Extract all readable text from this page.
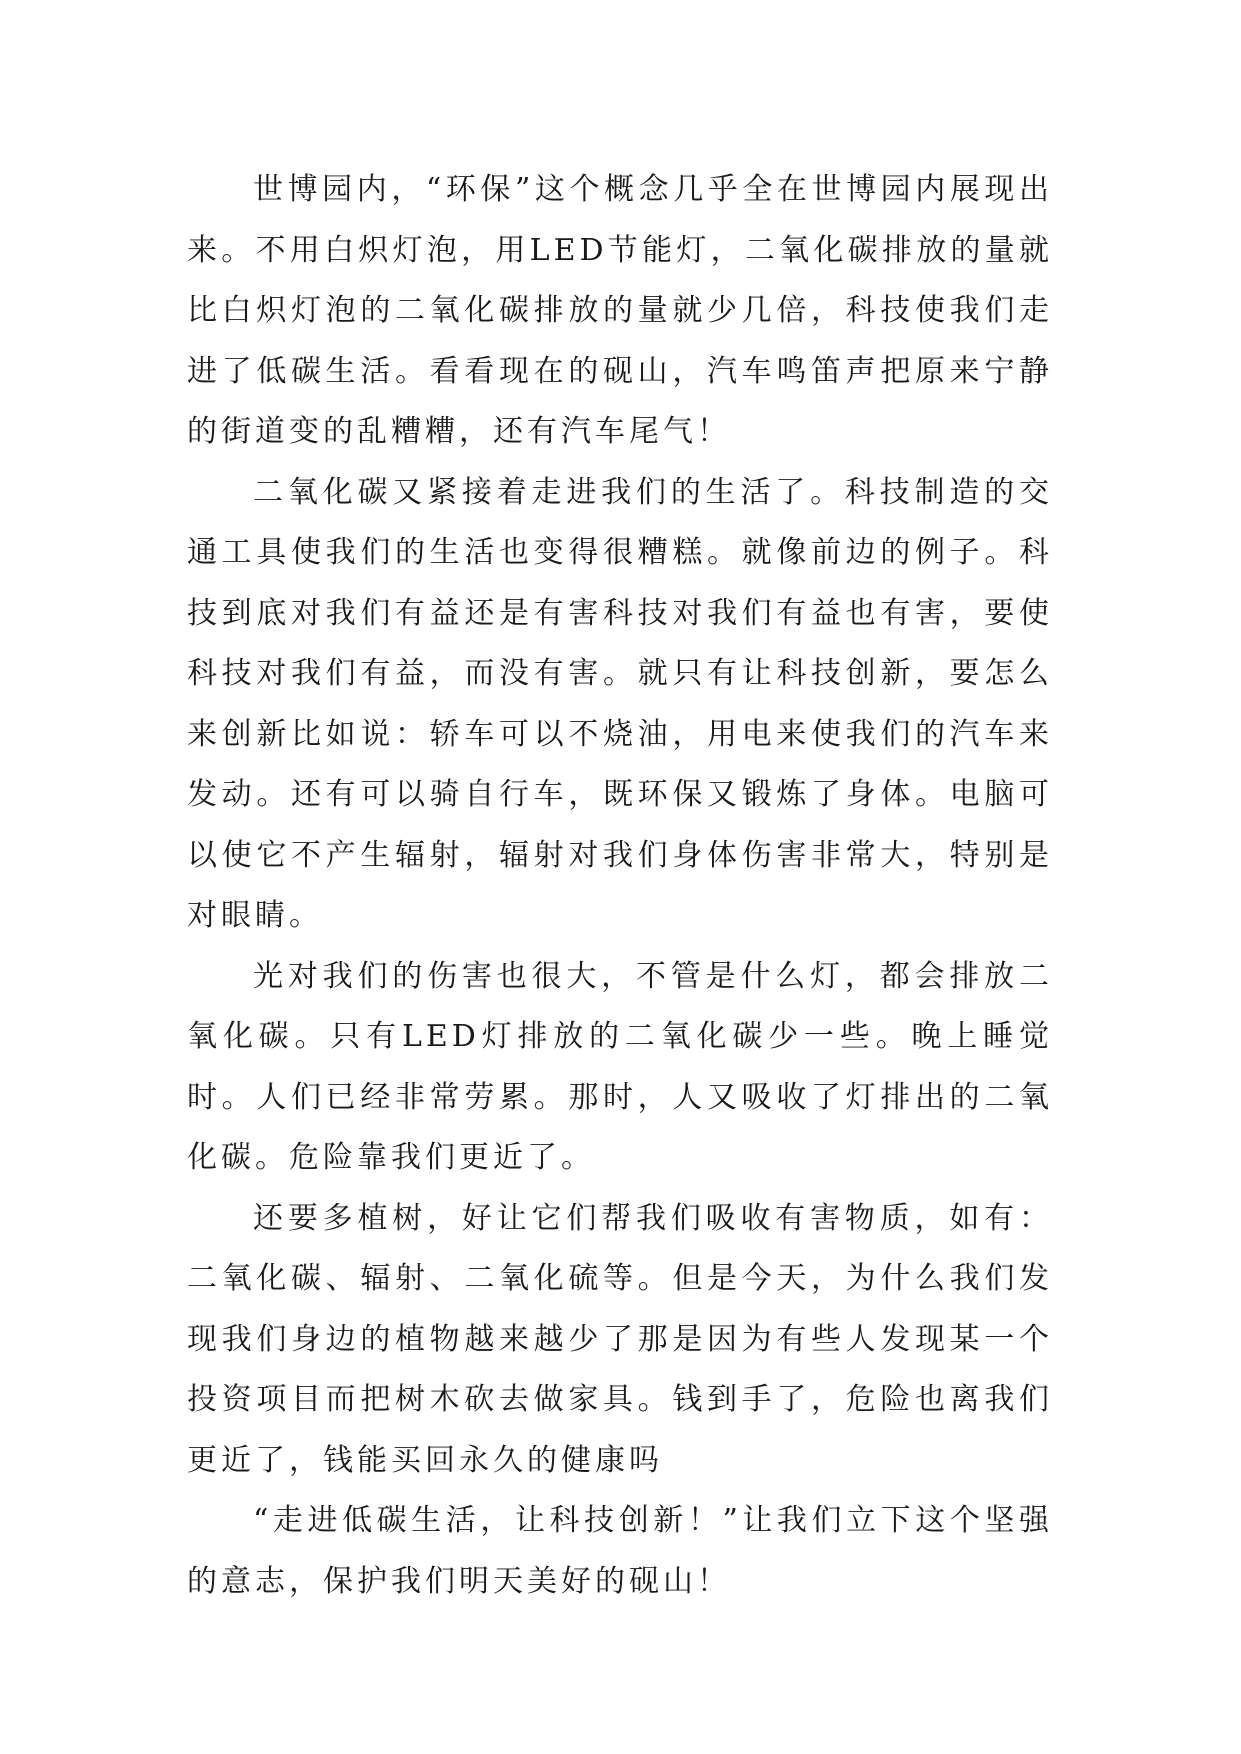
世博园内，“环保”这个概念几乎全在世博园内展现出来。不用白炽灯泡，用LED节能灯，二氧化碳排放的量就比白炽灯泡的二氧化碳排放的量就少几倍，科技使我们走进了低碳生活。看看现在的砚山，汽车鸣笛声把原来宁静的街道变的乱糟糟，还有汽车尾气！

二氧化碳又紧接着走进我们的生活了。科技制造的交通工具使我们的生活也变得很糟糕。就像前边的例子。科技到底对我们有益还是有害科技对我们有益也有害，要使科技对我们有益，而没有害。就只有让科技创新，要怎么来创新比如说：轿车可以不烧油，用电来使我们的汽车来发动。还有可以骑自行车，既环保又锻炼了身体。电脑可以使它不产生辐射，辐射对我们身体伤害非常大，特别是对眼睛。

光对我们的伤害也很大，不管是什么灯，都会排放二氧化碳。只有LED灯排放的二氧化碳少一些。晚上睡觉时。人们已经非常劳累。那时，人又吸收了灯排出的二氧化碳。危险靠我们更近了。

还要多植树，好让它们帮我们吸收有害物质，如有：二氧化碳、辐射、二氧化硫等。但是今天，为什么我们发现我们身边的植物越来越少了那是因为有些人发现某一个投资项目而把树木砍去做家具。钱到手了，危险也离我们更近了，钱能买回永久的健康吗

“走进低碳生活，让科技创新！”让我们立下这个坚强的意志，保护我们明天美好的砚山！
